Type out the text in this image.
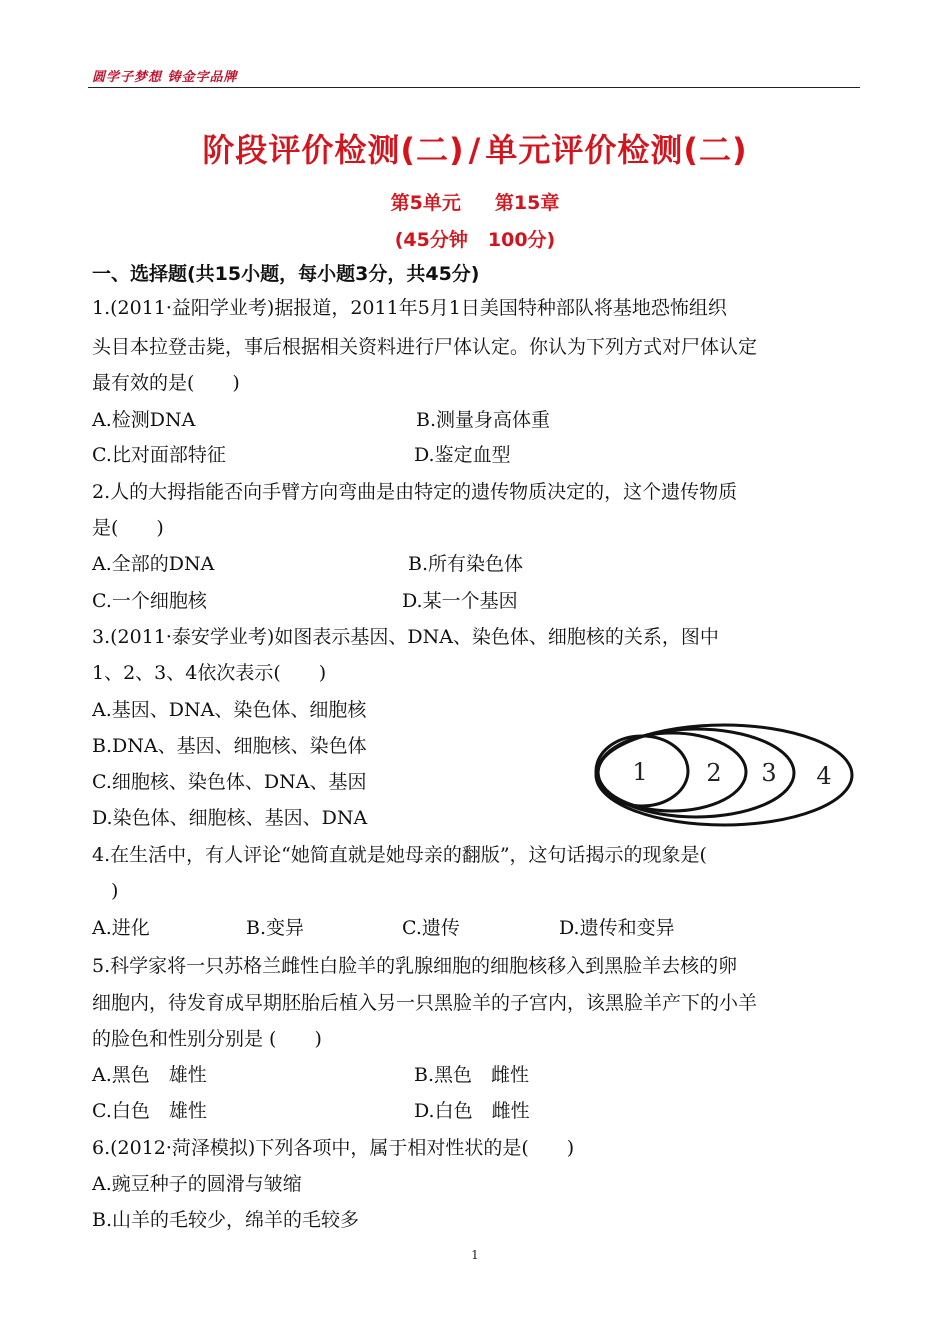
圆学子梦想 铸金字品牌
阶段评价检测(二) / 单元评价检测(二)
第5单元 第15章
(45分钟 100分)
一、选择题(共15小题，每小题3分，共45分)
1.(2011·益阳学业考)据报道，2011年5月1日美国特种部队将基地恐怖组织
头目本拉登击毙，事后根据相关资料进行尸体认定。你认为下列方式对尸体认定
最有效的是(　　)
A.检测DNA	B.测量身高体重
C.比对面部特征	D.鉴定血型
2.人的大拇指能否向手臂方向弯曲是由特定的遗传物质决定的，这个遗传物质
是(　　)
A.全部的DNA	B.所有染色体
C.一个细胞核	D.某一个基因
3.(2011·泰安学业考)如图表示基因、DNA、染色体、细胞核的关系，图中
1、2、3、4依次表示(　　)
A.基因、DNA、染色体、细胞核
B.DNA、基因、细胞核、染色体
C.细胞核、染色体、DNA、基因
D.染色体、细胞核、基因、DNA
1 2 3 4
4.在生活中，有人评论“她简直就是她母亲的翻版”，这句话揭示的现象是(
　)
A.进化	B.变异	C.遗传	D.遗传和变异
5.科学家将一只苏格兰雌性白脸羊的乳腺细胞的细胞核移入到黑脸羊去核的卵
细胞内，待发育成早期胚胎后植入另一只黑脸羊的子宫内，该黑脸羊产下的小羊
的脸色和性别分别是 (　　)
A.黑色　雄性	B.黑色　雌性
C.白色　雄性	D.白色　雌性
6.(2012·菏泽模拟)下列各项中，属于相对性状的是(　　)
A.豌豆种子的圆滑与皱缩
B.山羊的毛较少，绵羊的毛较多
1
